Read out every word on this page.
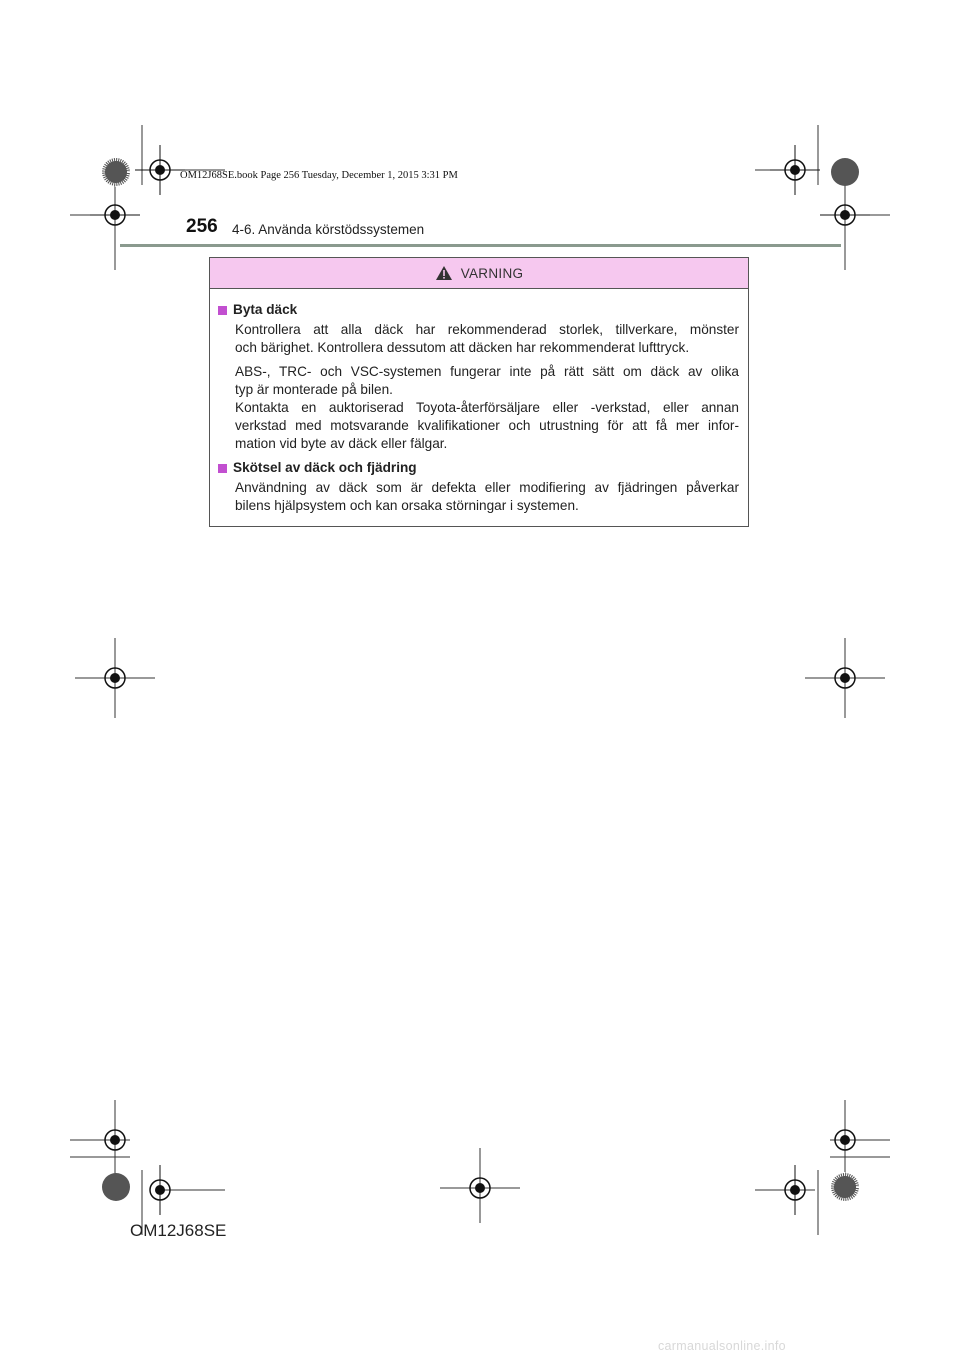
OM12J68SE.book Page 256 Tuesday, December 1, 2015 3:31 PM
256 4-6. Använda körstödssystemen
VARNING
Byta däck
Kontrollera att alla däck har rekommenderad storlek, tillverkare, mönster
och bärighet. Kontrollera dessutom att däcken har rekommenderat lufttryck.
ABS-, TRC- och VSC-systemen fungerar inte på rätt sätt om däck av olika
typ är monterade på bilen.
Kontakta en auktoriserad Toyota-återförsäljare eller -verkstad, eller annan
verkstad med motsvarande kvalifikationer och utrustning för att få mer infor-
mation vid byte av däck eller fälgar.
Skötsel av däck och fjädring
Användning av däck som är defekta eller modifiering av fjädringen påverkar
bilens hjälpsystem och kan orsaka störningar i systemen.
OM12J68SE
carmanualsonline.info
